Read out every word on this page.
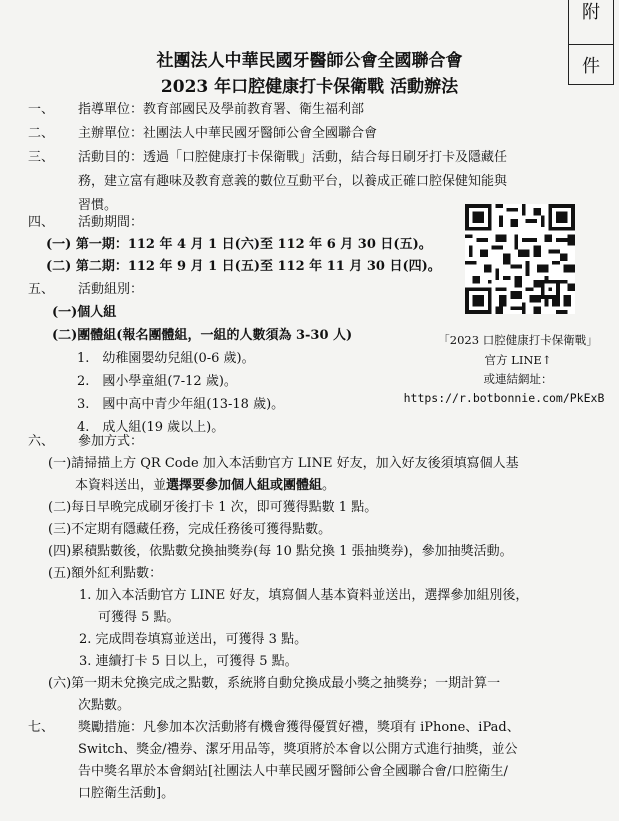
附
件
社團法人中華民國牙醫師公會全國聯合會
2023 年口腔健康打卡保衛戰 活動辦法
一、 指導單位：教育部國民及學前教育署、衛生福利部
二、 主辦單位：社團法人中華民國牙醫師公會全國聯合會
三、 活動目的：透過「口腔健康打卡保衛戰」活動，結合每日刷牙打卡及隱藏任
務，建立富有趣味及教育意義的數位互動平台，以養成正確口腔保健知能與
習慣。
四、 活動期間：
(一) 第一期：112 年 4 月 1 日(六)至 112 年 6 月 30 日(五)。
(二) 第二期：112 年 9 月 1 日(五)至 112 年 11 月 30 日(四)。
五、 活動組別：
(一)個人組
(二)團體組(報名團體組，一組的人數須為 3-30 人)
1.　幼稚園嬰幼兒組(0-6 歲)。
2.　國小學童組(7-12 歲)。
3.　國中高中青少年組(13-18 歲)。
4.　成人組(19 歲以上)。
「2023 口腔健康打卡保衛戰」
官方 LINE↑
或連結網址：
https://r.botbonnie.com/PkExB
六、 參加方式：
(一)請掃描上方 QR Code 加入本活動官方 LINE 好友，加入好友後須填寫個人基
本資料送出，並選擇要參加個人組或團體組。
(二)每日早晚完成刷牙後打卡 1 次，即可獲得點數 1 點。
(三)不定期有隱藏任務，完成任務後可獲得點數。
(四)累積點數後，依點數兌換抽獎券(每 10 點兌換 1 張抽獎券)，參加抽獎活動。
(五)額外紅利點數：
1. 加入本活動官方 LINE 好友，填寫個人基本資料並送出，選擇參加組別後，
可獲得 5 點。
2. 完成問卷填寫並送出，可獲得 3 點。
3. 連續打卡 5 日以上，可獲得 5 點。
(六)第一期未兌換完成之點數，系統將自動兌換成最小獎之抽獎券；一期計算一
次點數。
七、 獎勵措施：凡參加本次活動將有機會獲得優質好禮，獎項有 iPhone、iPad、
Switch、獎金/禮券、潔牙用品等，獎項將於本會以公開方式進行抽獎，並公
告中獎名單於本會網站[社團法人中華民國牙醫師公會全國聯合會/口腔衛生/
口腔衛生活動]。
